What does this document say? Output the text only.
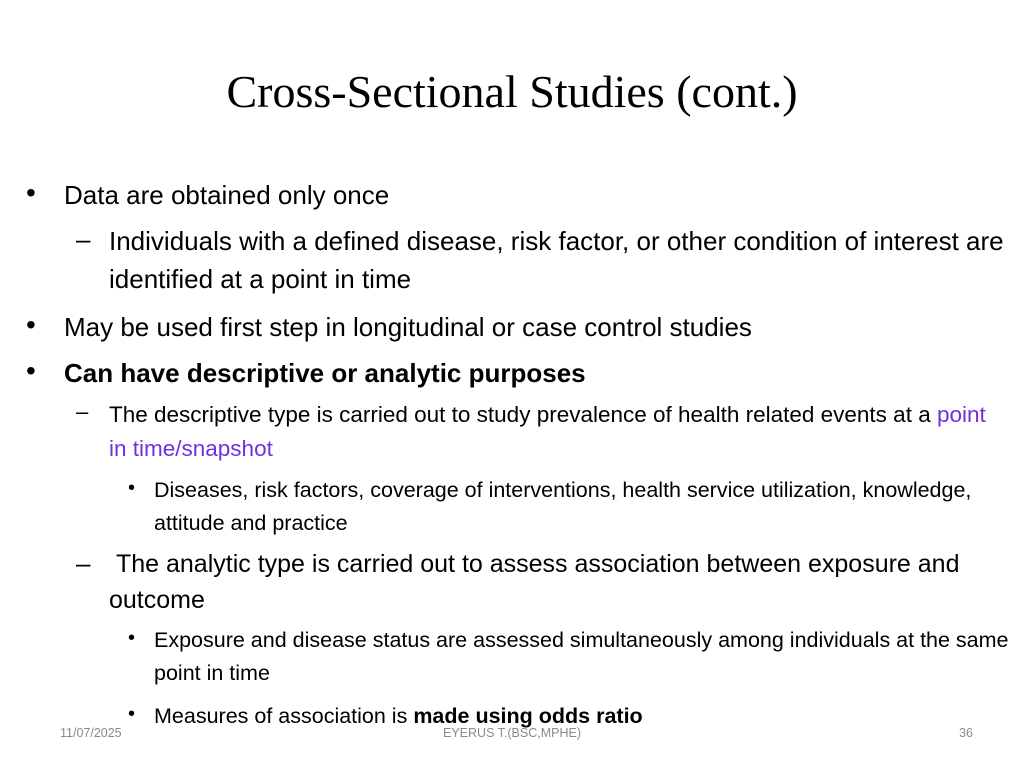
Cross-Sectional Studies (cont.)
• Data are obtained only once
– Individuals with a defined disease, risk factor, or other condition of interest are identified at a point in time
• May be used first step in longitudinal or case control studies
• Can have descriptive or analytic purposes
– The descriptive type is carried out to study prevalence of health related events at a point in time/snapshot
• Diseases, risk factors, coverage of interventions, health service utilization, knowledge, attitude and practice
– The analytic type is carried out to assess association between exposure and outcome
• Exposure and disease status are assessed simultaneously among individuals at the same point in time
• Measures of association is made using odds ratio
11/07/2025	EYERUS T.(BSC,MPHE)	36
